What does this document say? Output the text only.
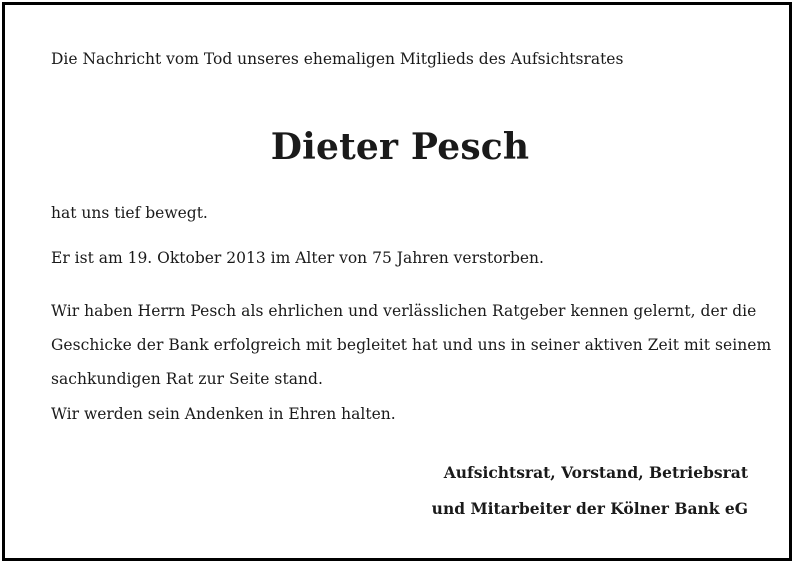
Die Nachricht vom Tod unseres ehemaligen Mitglieds des Aufsichtsrates
Dieter Pesch

hat uns tief bewegt.

Er ist am 19. Oktober 2013 im Alter von 75 Jahren verstorben.

Wir haben Herrn Pesch als ehrlichen und verlässlichen Ratgeber kennen gelernt, der die
Geschicke der Bank erfolgreich mit begleitet hat und uns in seiner aktiven Zeit mit seinem
sachkundigen Rat zur Seite stand.

Wir werden sein Andenken in Ehren halten.

Aufsichtsrat, Vorstand, Betriebsrat
und Mitarbeiter der Kölner Bank eG
